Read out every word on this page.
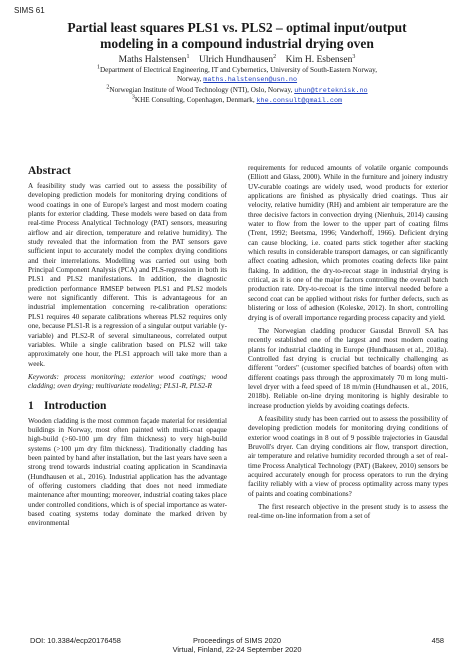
SIMS 61
Partial least squares PLS1 vs. PLS2 – optimal input/output
modeling in a compound industrial drying oven
Maths Halstensen$^1$ Ulrich Hundhausen$^2$ Kim H. Esbensen$^3$
$^1$Department of Electrical Engineering, IT and Cybernetics, University of South-Eastern Norway,
Norway, maths.halstensen@usn.no
$^2$Norwegian Institute of Wood Technology (NTI), Oslo, Norway, uhun@treteknisk.no
$^3$KHE Consulting, Copenhagen, Denmark, khe.consult@gmail.com
Abstract

A feasibility study was carried out to assess the possibility of developing prediction models for monitoring drying conditions of wood coatings in one of Europe's largest and most modern coating plants for exterior cladding. These models were based on data from real-time Process Analytical Technology (PAT) sensors, measuring airflow and air direction, temperature and relative humidity). The study revealed that the information from the PAT sensors gave sufficient input to accurately model the complex drying conditions and their interrelations. Modelling was carried out using both Principal Component Analysis (PCA) and PLS-regression in both its PLS1 and PLS2 manifestations. In addition, the diagnostic prediction performance RMSEP between PLS1 and PLS2 models were not significantly different. This is advantageous for an industrial implementation concerning re-calibration operations: PLS1 requires 40 separate calibrations whereas PLS2 requires only one, because PLS1-R is a regression of a singular output variable (y-variable) and PLS2-R of several simultaneous, correlated output variables. While a single calibration based on PLS2 will take approximately one hour, the PLS1 approach will take more than a week.

Keywords: process monitoring; exterior wood coatings; wood cladding; oven drying; multivariate modeling; PLS1-R, PLS2-R

1 Introduction

Wooden cladding is the most common façade material for residential buildings in Norway, most often painted with multi-coat opaque high-build (>60-100 µm dry film thickness) to very high-build systems (>100 µm dry film thickness). Traditionally cladding has been painted by hand after installation, but the last years have seen a strong trend towards industrial coating application in Scandinavia (Hundhausen et al., 2016). Industrial application has the advantage of offering customers cladding that does not need immediate maintenance after mounting; moreover, industrial coating takes place under controlled conditions, which is of special importance as water-based coating systems today dominate the marked driven by environmental

requirements for reduced amounts of volatile organic compounds (Elliott and Glass, 2000). While in the furniture and joinery industry UV-curable coatings are widely used, wood products for exterior applications are finished as physically dried coatings. Thus air velocity, relative humidity (RH) and ambient air temperature are the three decisive factors in convection drying (Nienhuis, 2014) causing water to flow from the lower to the upper part of coating films (Trent, 1992; Beetsma, 1996; Vanderhoff, 1966). Deficient drying can cause blocking, i.e. coated parts stick together after stacking which results in considerable transport damages, or can significantly affect coating adhesion, which promotes coating defects like paint flaking. In addition, the dry-to-recoat stage in industrial drying is critical, as it is one of the major factors controlling the overall batch production rate. Dry-to-recoat is the time interval needed before a second coat can be applied without risks for further defects, such as blistering or loss of adhesion (Koleske, 2012). In short, controlling drying is of overall importance regarding process capacity and yield.

The Norwegian cladding producer Gausdal Bruvoll SA has recently established one of the largest and most modern coating plants for industrial cladding in Europe (Hundhausen et al., 2018a). Controlled fast drying is crucial but technically challenging as different "orders" (customer specified batches of boards) often with different coatings pass through the approximately 70 m long multi-level dryer with a feed speed of 18 m/min (Hundhausen et al., 2016, 2018b). Reliable on-line drying monitoring is highly desirable to increase production yields by avoiding coatings defects.

A feasibility study has been carried out to assess the possibility of developing prediction models for monitoring drying conditions of exterior wood coatings in 8 out of 9 possible trajectories in Gausdal Bruvoll's dryer. Can drying conditions air flow, transport direction, air temperature and relative humidity recorded through a set of real-time Process Analytical Technology (PAT) (Bakeev, 2010) sensors be acquired accurately enough for process operators to run the drying facility reliably with a view of process optimality across many types of paints and coating combinations?

The first research objective in the present study is to assess the real-time on-line information from a set of

DOI: 10.3384/ecp20176458	Proceedings of SIMS 2020
Virtual, Finland, 22-24 September 2020
458
